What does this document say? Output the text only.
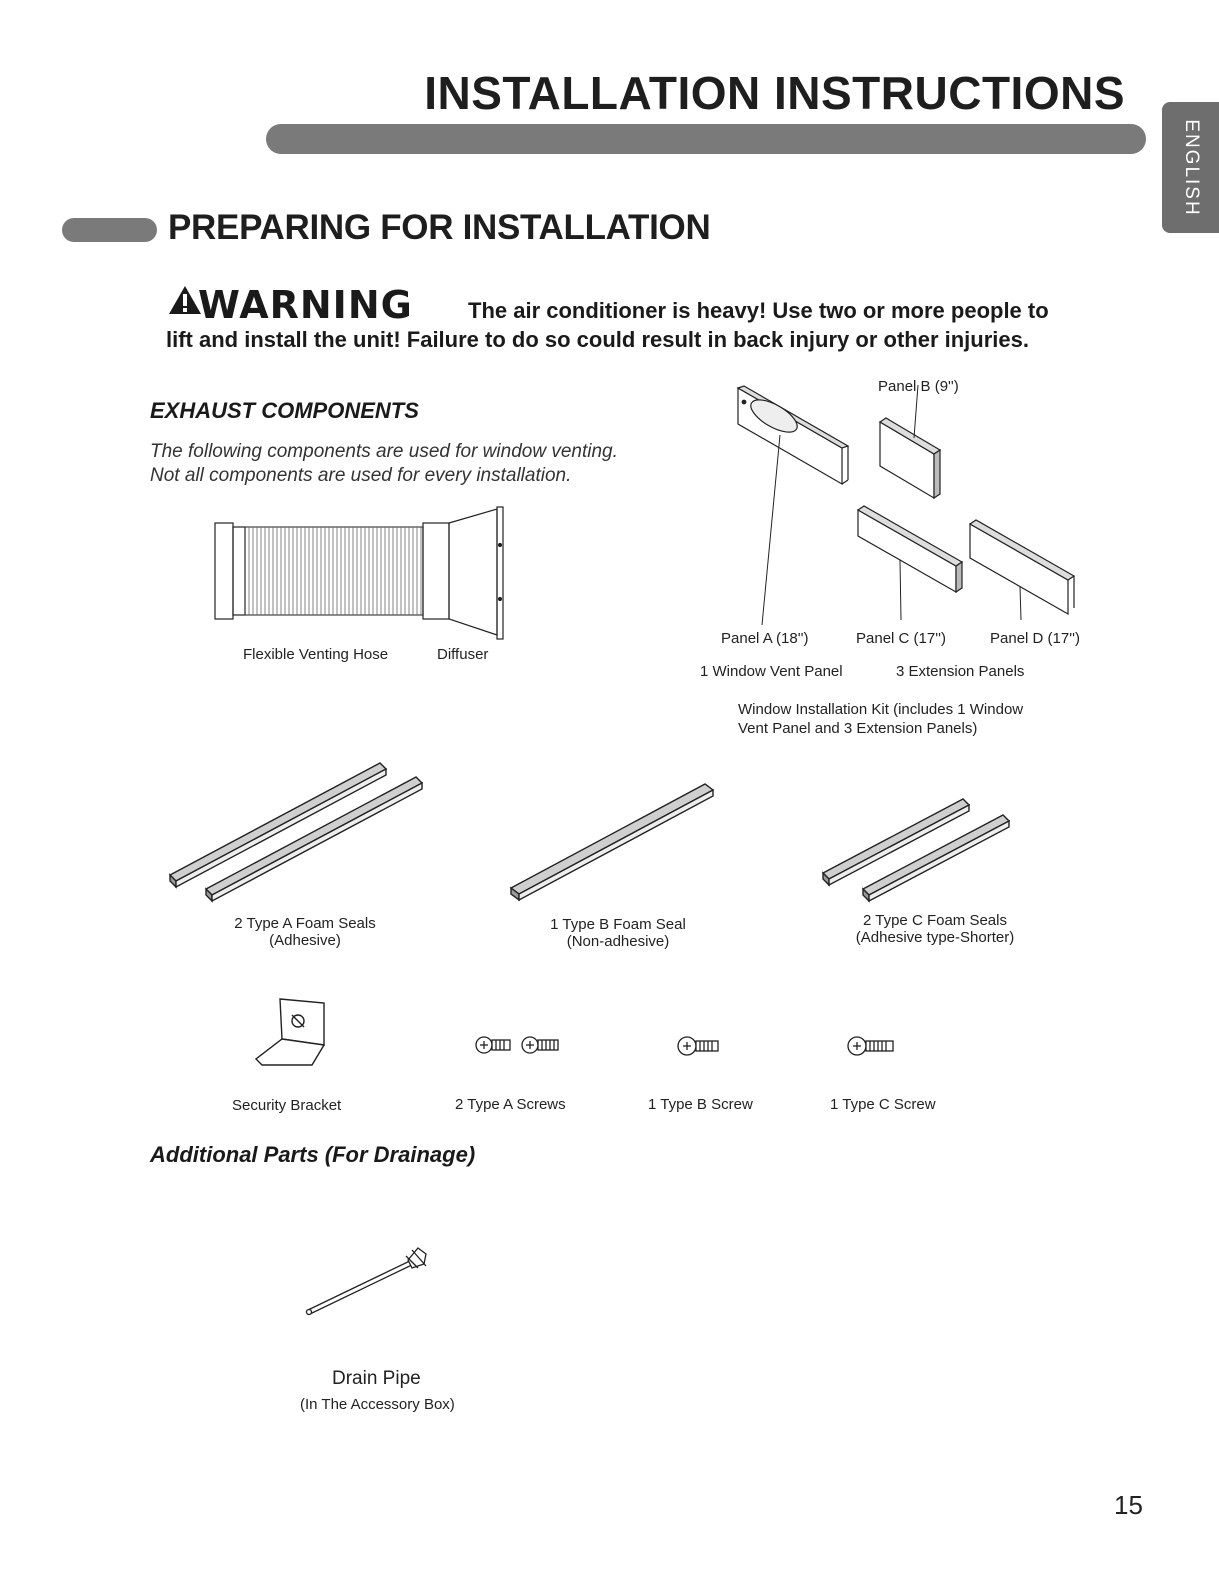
INSTALLATION INSTRUCTIONS
ENGLISH
PREPARING FOR INSTALLATION
WARNING	The air conditioner is heavy! Use two or more people to
lift and install the unit! Failure to do so could result in back injury or other injuries.
EXHAUST COMPONENTS
The following components are used for window venting.
Not all components are used for every installation.
Flexible Venting Hose	Diffuser
Panel B (9'')
Panel A (18'')	Panel C (17'')	Panel D (17'')
1 Window Vent Panel	3 Extension Panels
Window Installation Kit (includes 1 Window
Vent Panel and 3 Extension Panels)
2 Type A Foam Seals
(Adhesive)
1 Type B Foam Seal
(Non-adhesive)
2 Type C Foam Seals
(Adhesive type-Shorter)
Security Bracket	2 Type A Screws	1 Type B Screw	1 Type C Screw
Additional Parts (For Drainage)
Drain Pipe
(In The Accessory Box)
15
